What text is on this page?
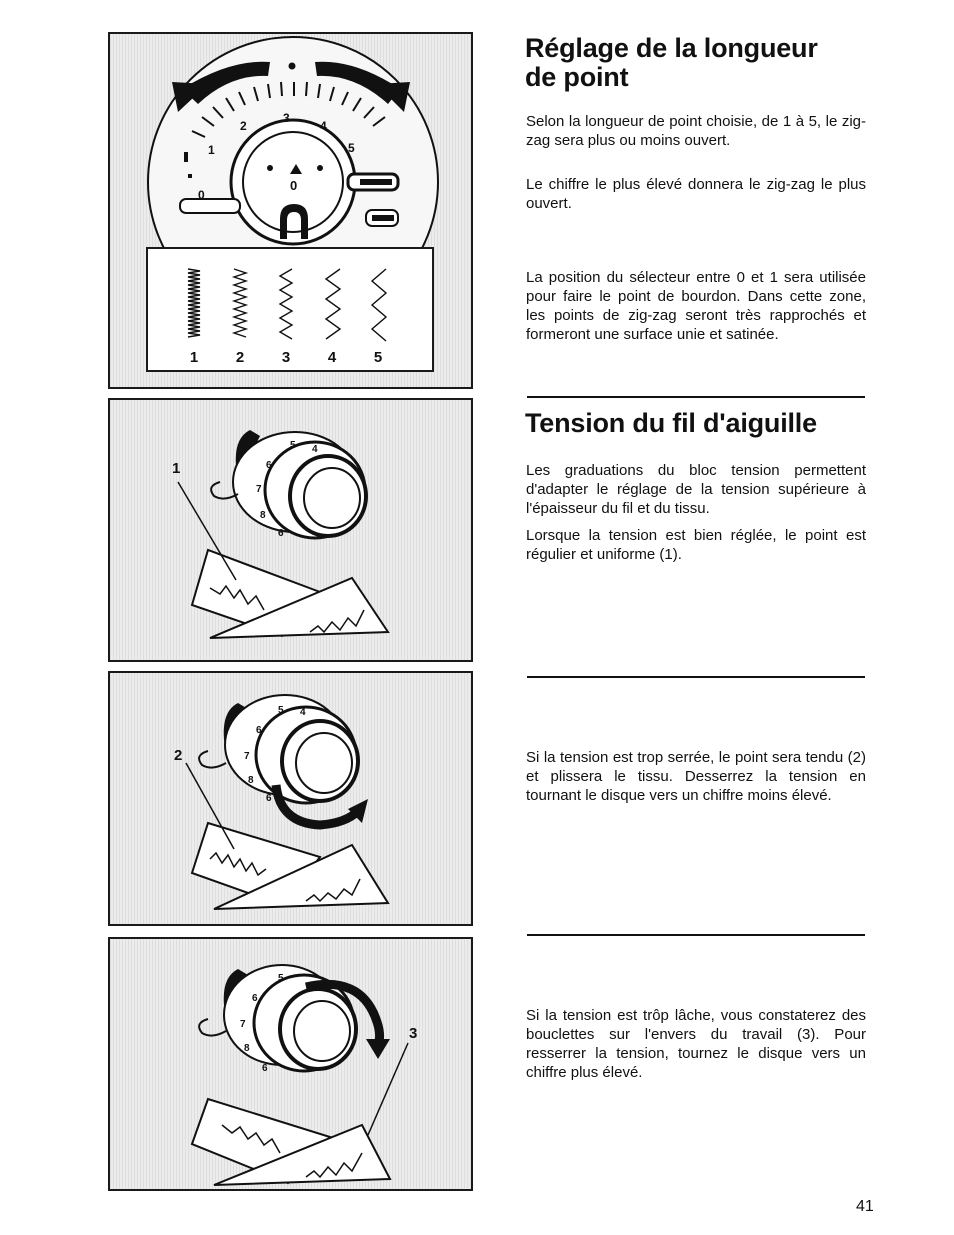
0
1
2
3
4
5
0
1	2	3	4	5
5 4
6
7
8
6
1
5 4
6
7
8
6
2
5
6
7
8
6
3
Réglage de la longueur
de point

Selon la longueur de point choisie, de 1 à 5, le zig-zag sera plus ou moins ouvert.

Le chiffre le plus élevé donnera le zig-zag le plus ouvert.

La position du sélecteur entre 0 et 1 sera utilisée pour faire le point de bourdon. Dans cette zone, les points de zig-zag seront très rapprochés et formeront une surface unie et satinée.

Tension du fil d'aiguille

Les graduations du bloc tension permettent d'adapter le réglage de la tension supérieure à l'épaisseur du fil et du tissu.

Lorsque la tension est bien réglée, le point est régulier et uniforme (1).

Si la tension est trop serrée, le point sera tendu (2) et plissera le tissu. Desserrez la tension en tournant le disque vers un chiffre moins élevé.

Si la tension est trôp lâche, vous constaterez des bouclettes sur l'envers du travail (3). Pour resserrer la tension, tournez le disque vers un chiffre plus élevé.

41
